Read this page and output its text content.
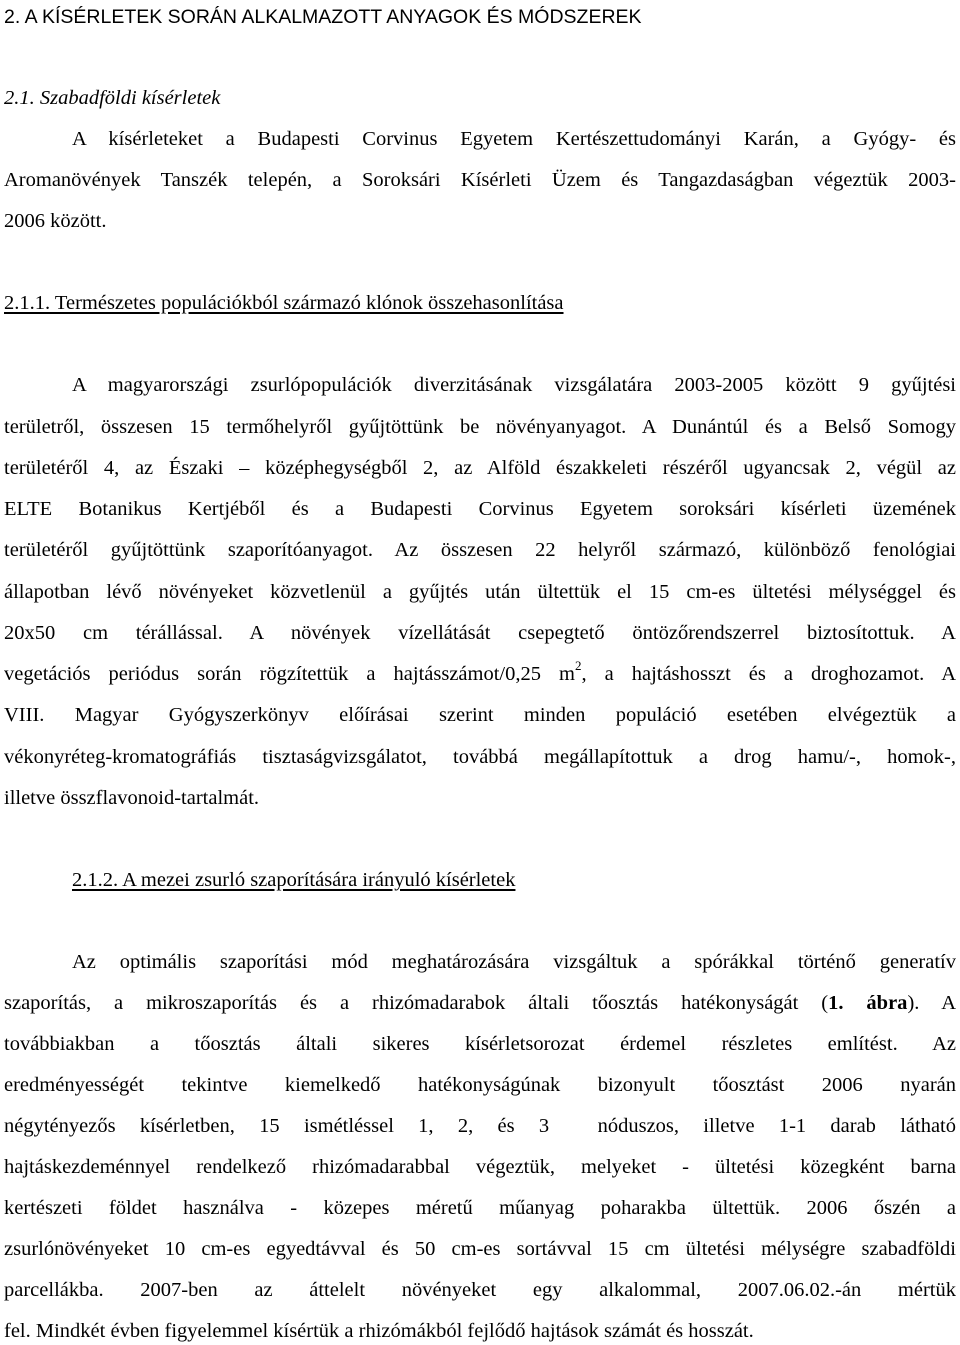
2. A KÍSÉRLETEK SORÁN ALKALMAZOTT ANYAGOK ÉS MÓDSZEREK
2.1. Szabadföldi kísérletek
A kísérleteket a Budapesti Corvinus Egyetem Kertészettudományi Karán, a Gyógy- és
Aromanövények Tanszék telepén, a Soroksári Kísérleti Üzem és Tangazdaságban végeztük 2003-
2006 között.
2.1.1. Természetes populációkból származó klónok összehasonlítása
A magyarországi zsurlópopulációk diverzitásának vizsgálatára 2003-2005 között 9 gyűjtési
területről, összesen 15 termőhelyről gyűjtöttünk be növényanyagot. A Dunántúl és a Belső Somogy
területéről 4, az Északi – középhegységből 2, az Alföld északkeleti részéről ugyancsak 2, végül az
ELTE Botanikus Kertjéből és a Budapesti Corvinus Egyetem soroksári kísérleti üzemének
területéről gyűjtöttünk szaporítóanyagot. Az összesen 22 helyről származó, különböző fenológiai
állapotban lévő növényeket közvetlenül a gyűjtés után ültettük el 15 cm-es ültetési mélységgel és
20x50 cm térállással. A növények vízellátását csepegtető öntözőrendszerrel biztosítottuk. A
vegetációs periódus során rögzítettük a hajtásszámot/0,25 $m^2$, a hajtáshosszt és a droghozamot. A
VIII. Magyar Gyógyszerkönyv előírásai szerint minden populáció esetében elvégeztük a
vékonyréteg-kromatográfiás tisztaságvizsgálatot, továbbá megállapítottuk a drog hamu/-, homok-,
illetve összflavonoid-tartalmát.
2.1.2. A mezei zsurló szaporítására irányuló kísérletek
Az optimális szaporítási mód meghatározására vizsgáltuk a spórákkal történő generatív
szaporítás, a mikroszaporítás és a rhizómadarabok általi tőosztás hatékonyságát (1. ábra). A
továbbiakban a tőosztás általi sikeres kísérletsorozat érdemel részletes említést. Az
eredményességét tekintve kiemelkedő hatékonyságúnak bizonyult tőosztást 2006 nyarán
négytényezős kísérletben, 15 ismétléssel 1, 2, és 3  nóduszos, illetve 1-1 darab látható
hajtáskezdeménnyel rendelkező rhizómadarabbal végeztük, melyeket - ültetési közegként barna
kertészeti földet használva - közepes méretű műanyag poharakba ültettük. 2006 őszén a
zsurlónövényeket 10 cm-es egyedtávval és 50 cm-es sortávval 15 cm ültetési mélységre szabadföldi
parcellákba. 2007-ben az áttelelt növényeket egy alkalommal, 2007.06.02.-án mértük
fel. Mindkét évben figyelemmel kísértük a rhizómákból fejlődő hajtások számát és hosszát.
